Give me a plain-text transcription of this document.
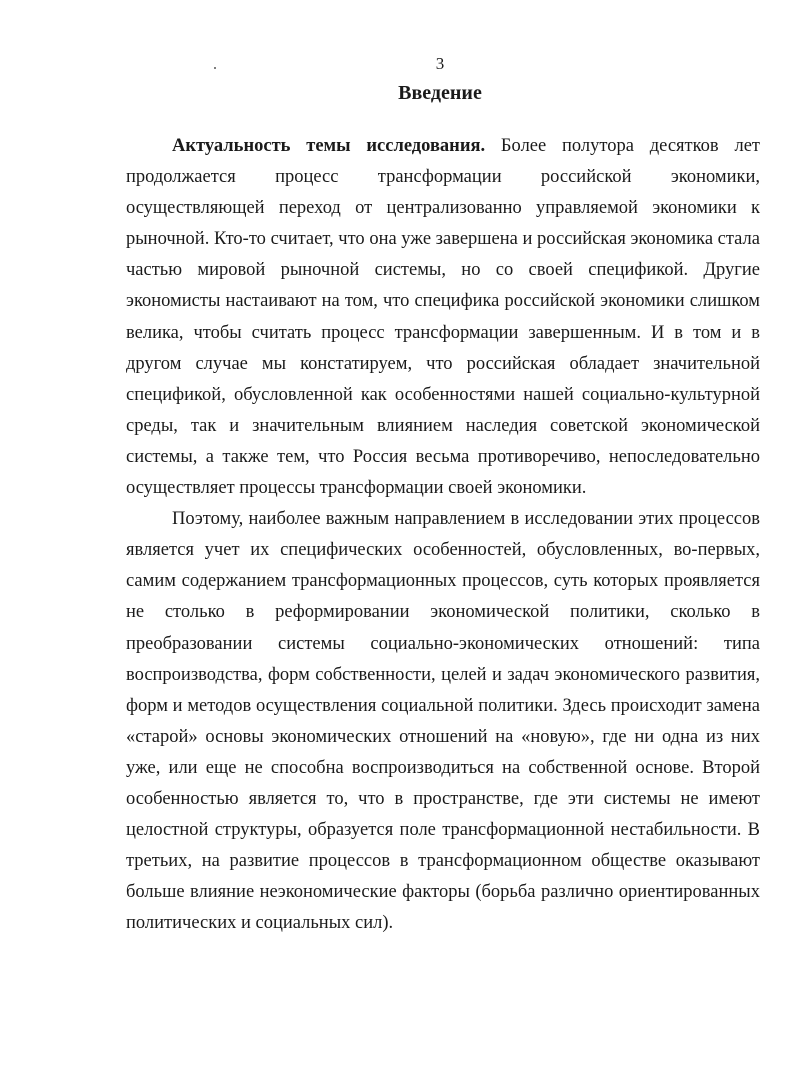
3
Введение

Актуальность темы исследования. Более полутора десятков лет продолжается процесс трансформации российской экономики, осуществляющей переход от централизованно управляемой экономики к рыночной. Кто-то считает, что она уже завершена и российская экономика стала частью мировой рыночной системы, но со своей спецификой. Другие экономисты настаивают на том, что специфика российской экономики слишком велика, чтобы считать процесс трансформации завершенным. И в том и в другом случае мы констатируем, что российская обладает значительной спецификой, обусловленной как особенностями нашей социально-культурной среды, так и значительным влиянием наследия советской экономической системы, а также тем, что Россия весьма противоречиво, непоследовательно осуществляет процессы трансформации своей экономики.

Поэтому, наиболее важным направлением в исследовании этих процессов является учет их специфических особенностей, обусловленных, во-первых, самим содержанием трансформационных процессов, суть которых проявляется не столько в реформировании экономической политики, сколько в преобразовании системы социально-экономических отношений: типа воспроизводства, форм собственности, целей и задач экономического развития, форм и методов осуществления социальной политики. Здесь происходит замена «старой» основы экономических отношений на «новую», где ни одна из них уже, или еще не способна воспроизводиться на собственной основе. Второй особенностью является то, что в пространстве, где эти системы не имеют целостной структуры, образуется поле трансформационной нестабильности. В третьих, на развитие процессов в трансформационном обществе оказывают больше влияние неэкономические факторы (борьба различно ориентированных политических и социальных сил).
